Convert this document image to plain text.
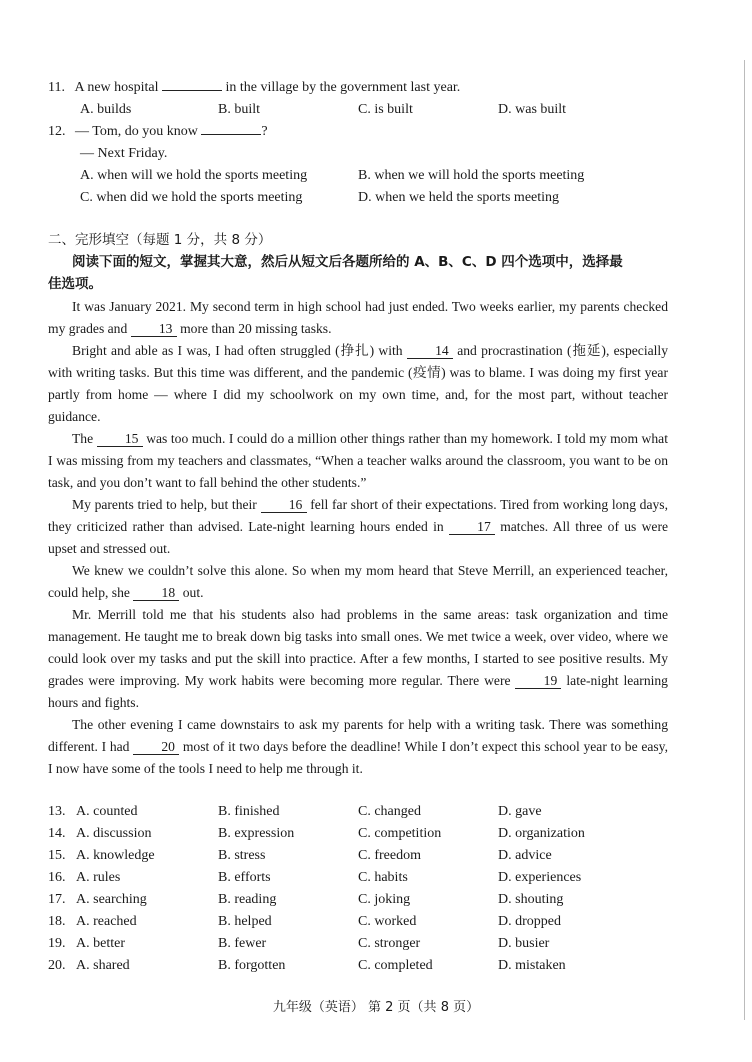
11. A new hospital	in the village by the government last year.
A. builds	B. built	C. is built	D. was built
12. — Tom, do you know	?
— Next Friday.
A. when will we hold the sports meeting	B. when we will hold the sports meeting
C. when did we hold the sports meeting	D. when we held the sports meeting
二、完形填空（每题 1 分，共 8 分）
阅读下面的短文，掌握其大意，然后从短文后各题所给的 A、B、C、D 四个选项中，选择最
佳选项。

It was January 2021. My second term in high school had just ended. Two weeks earlier, my parents checked my grades and 13 more than 20 missing tasks.

Bright and able as I was, I had often struggled (挣扎) with 14 and procrastination (拖延), especially with writing tasks. But this time was different, and the pandemic (疫情) was to blame. I was doing my first year partly from home — where I did my schoolwork on my own time, and, for the most part, without teacher guidance.

The 15 was too much. I could do a million other things rather than my homework. I told my mom what I was missing from my teachers and classmates, “When a teacher walks around the classroom, you want to be on task, and you don’t want to fall behind the other students.”

My parents tried to help, but their 16 fell far short of their expectations. Tired from working long days, they criticized rather than advised. Late-night learning hours ended in 17 matches. All three of us were upset and stressed out.

We knew we couldn’t solve this alone. So when my mom heard that Steve Merrill, an experienced teacher, could help, she 18 out.

Mr. Merrill told me that his students also had problems in the same areas: task organization and time management. He taught me to break down big tasks into small ones. We met twice a week, over video, where we could look over my tasks and put the skill into practice. After a few months, I started to see positive results. My grades were improving. My work habits were becoming more regular. There were 19 late-night learning hours and fights.

The other evening I came downstairs to ask my parents for help with a writing task. There was something different. I had 20 most of it two days before the deadline! While I don’t expect this school year to be easy, I now have some of the tools I need to help me through it.

13. A. counted	B. finished	C. changed	D. gave
14. A. discussion	B. expression	C. competition	D. organization
15. A. knowledge	B. stress	C. freedom	D. advice
16. A. rules	B. efforts	C. habits	D. experiences
17. A. searching	B. reading	C. joking	D. shouting
18. A. reached	B. helped	C. worked	D. dropped
19. A. better	B. fewer	C. stronger	D. busier
20. A. shared	B. forgotten	C. completed	D. mistaken
九年级（英语） 第 2 页（共 8 页）
